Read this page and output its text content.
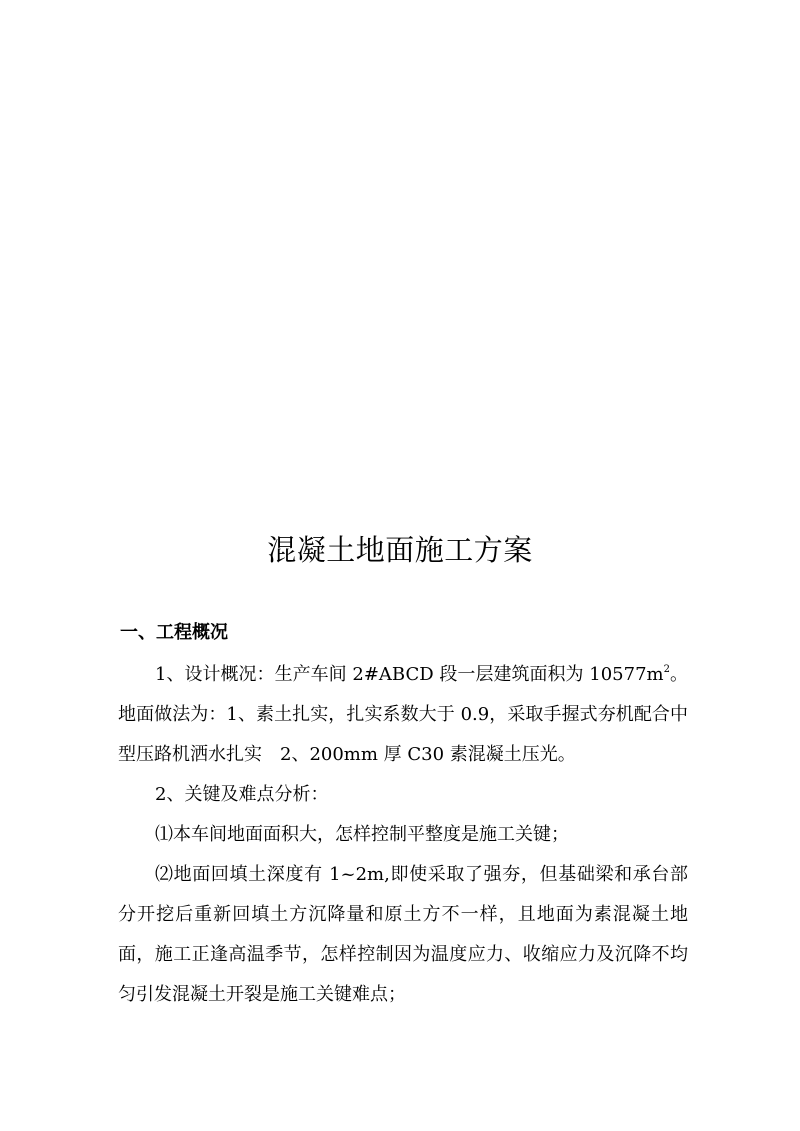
混凝土地面施工方案
一、工程概况

1、设计概况：生产车间 2#ABCD 段一层建筑面积为 $10577m^2$。地面做法为：1、素土扎实，扎实系数大于 0.9，采取手握式夯机配合中型压路机洒水扎实　2、200mm 厚 C30 素混凝土压光。

2、关键及难点分析：

⑴本车间地面面积大，怎样控制平整度是施工关键；

⑵地面回填土深度有 1~2m,即使采取了强夯，但基础梁和承台部分开挖后重新回填土方沉降量和原土方不一样，且地面为素混凝土地面，施工正逢高温季节，怎样控制因为温度应力、收缩应力及沉降不均匀引发混凝土开裂是施工关键难点；
